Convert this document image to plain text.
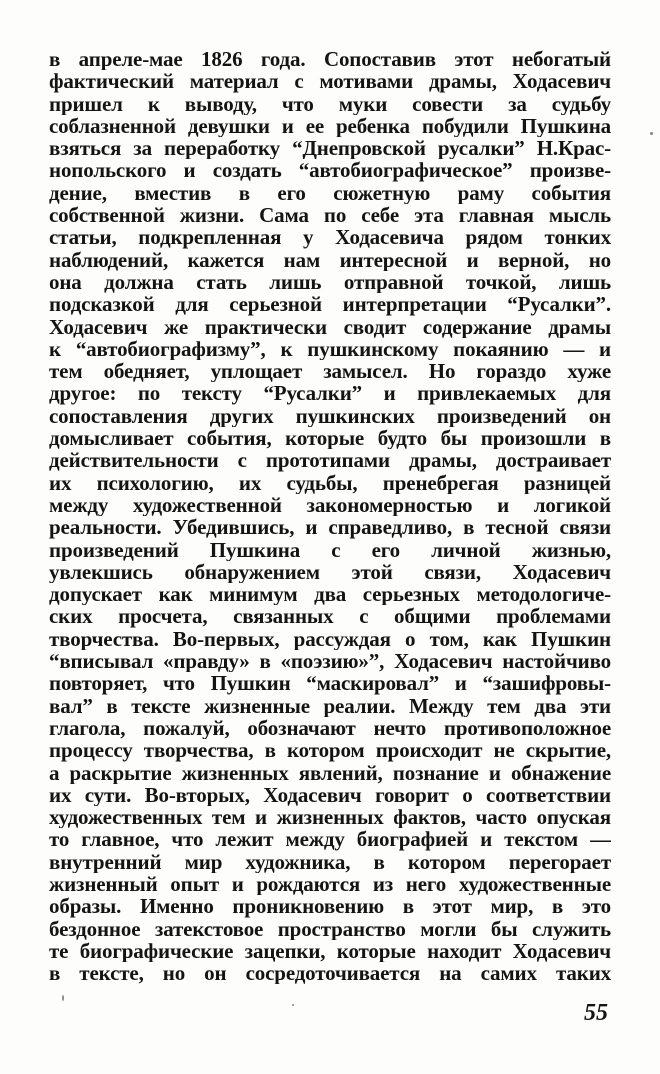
в апреле-мае 1826 года. Сопоставив этот небогатый
фактический материал с мотивами драмы, Ходасевич
пришел к выводу, что муки совести за судьбу
соблазненной девушки и ее ребенка побудили Пушкина
взяться за переработку “Днепровской русалки” Н.Крас-
нопольского и создать “автобиографическое” произве-
дение, вместив в его сюжетную раму события
собственной жизни. Сама по себе эта главная мысль
статьи, подкрепленная у Ходасевича рядом тонких
наблюдений, кажется нам интересной и верной, но
она должна стать лишь отправной точкой, лишь
подсказкой для серьезной интерпретации “Русалки”.
Ходасевич же практически сводит содержание драмы
к “автобиографизму”, к пушкинскому покаянию — и
тем обедняет, уплощает замысел. Но гораздо хуже
другое: по тексту “Русалки” и привлекаемых для
сопоставления других пушкинских произведений он
домысливает события, которые будто бы произошли в
действительности с прототипами драмы, достраивает
их психологию, их судьбы, пренебрегая разницей
между художественной закономерностью и логикой
реальности. Убедившись, и справедливо, в тесной связи
произведений Пушкина с его личной жизнью,
увлекшись обнаружением этой связи, Ходасевич
допускает как минимум два серьезных методологиче-
ских просчета, связанных с общими проблемами
творчества. Во-первых, рассуждая о том, как Пушкин
“вписывал «правду» в «поэзию»”, Ходасевич настойчиво
повторяет, что Пушкин “маскировал” и “зашифровы-
вал” в тексте жизненные реалии. Между тем два эти
глагола, пожалуй, обозначают нечто противоположное
процессу творчества, в котором происходит не скрытие,
а раскрытие жизненных явлений, познание и обнажение
их сути. Во-вторых, Ходасевич говорит о соответствии
художественных тем и жизненных фактов, часто опуская
то главное, что лежит между биографией и текстом —
внутренний мир художника, в котором перегорает
жизненный опыт и рождаются из него художественные
образы. Именно проникновению в этот мир, в это
бездонное затекстовое пространство могли бы служить
те биографические зацепки, которые находит Ходасевич
в тексте, но он сосредоточивается на самих таких
55
